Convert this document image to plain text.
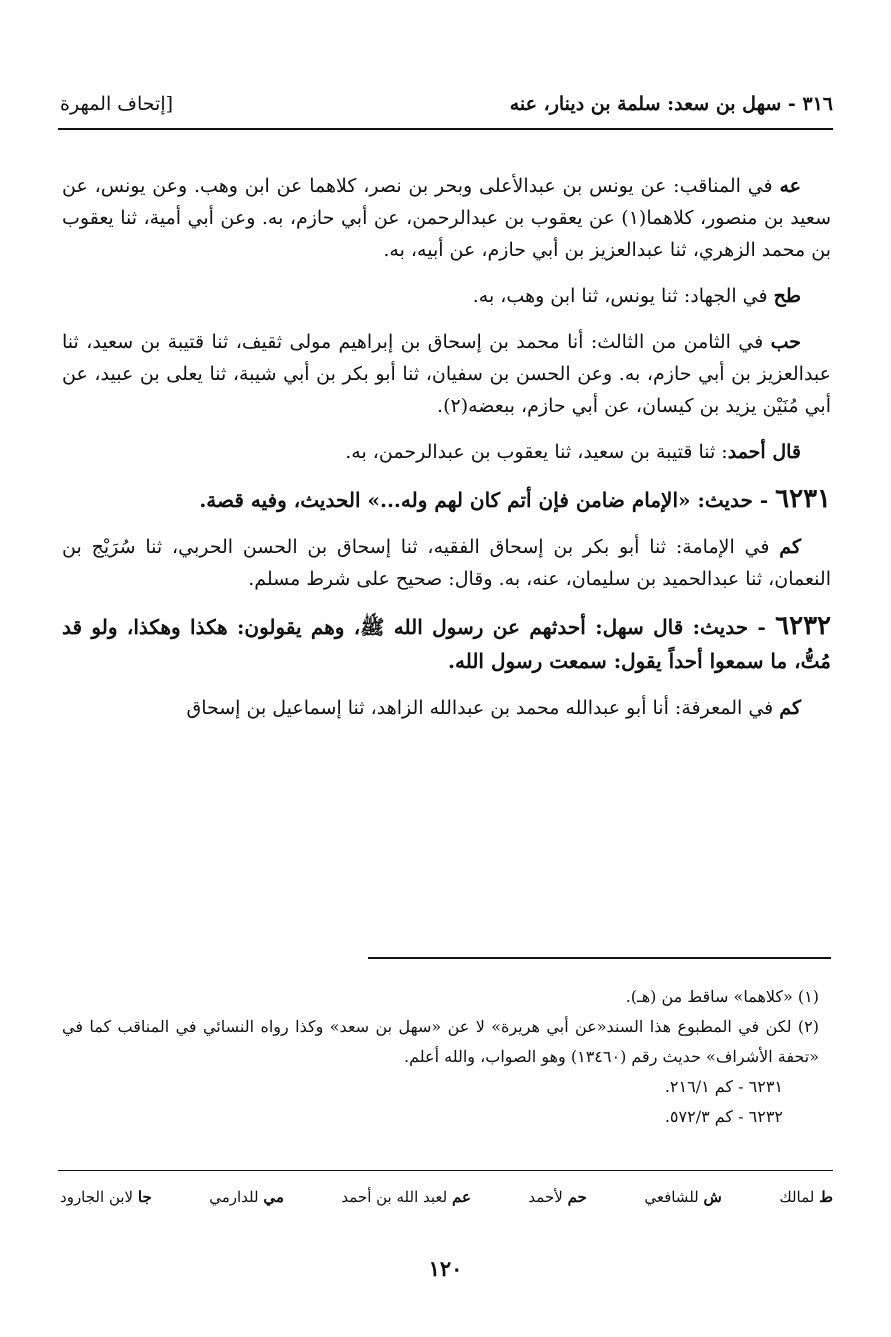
٣١٦ - سهل بن سعد: سلمة بن دينار، عنه
[إتحاف المهرة

عه في المناقب: عن يونس بن عبدالأعلى وبحر بن نصر، كلاهما عن ابن وهب. وعن يونس، عن سعيد بن منصور، كلاهما(١) عن يعقوب بن عبدالرحمن، عن أبي حازم، به. وعن أبي أمية، ثنا يعقوب بن محمد الزهري، ثنا عبدالعزيز بن أبي حازم، عن أبيه، به.

طح في الجهاد: ثنا يونس، ثنا ابن وهب، به.

حب في الثامن من الثالث: أنا محمد بن إسحاق بن إبراهيم مولى ثقيف، ثنا قتيبة بن سعيد، ثنا عبدالعزيز بن أبي حازم، به. وعن الحسن بن سفيان، ثنا أبو بكر بن أبي شيبة، ثنا يعلى بن عبيد، عن أبي مُنَيْن يزيد بن كيسان، عن أبي حازم، ببعضه(٢).

قال أحمد: ثنا قتيبة بن سعيد، ثنا يعقوب بن عبدالرحمن، به.

٦٢٣١ - حديث: «الإمام ضامن فإن أتم كان لهم وله...» الحديث، وفيه قصة.

كم في الإمامة: ثنا أبو بكر بن إسحاق الفقيه، ثنا إسحاق بن الحسن الحربي، ثنا سُرَيْج بن النعمان، ثنا عبدالحميد بن سليمان، عنه، به. وقال: صحيح على شرط مسلم.

٦٢٣٢ - حديث: قال سهل: أحدثهم عن رسول الله ﷺ، وهم يقولون: هكذا وهكذا، ولو قد مُتُّ، ما سمعوا أحداً يقول: سمعت رسول الله.

كم في المعرفة: أنا أبو عبدالله محمد بن عبدالله الزاهد، ثنا إسماعيل بن إسحاق

(١) «كلاهما» ساقط من (هـ).

(٢) لكن في المطبوع هذا السند«عن أبي هريرة» لا عن «سهل بن سعد» وكذا رواه النسائي في المناقب كما في «تحفة الأشراف» حديث رقم (١٣٤٦٠) وهو الصواب، والله أعلم.

٦٢٣١ - كم ٢١٦/١.

٦٢٣٢ - كم ٥٧٢/٣.

ط لمالك
ش للشافعي
حم لأحمد
عم لعبد الله بن أحمد
مي للدارمي
جا لابن الجارود
١٢٠
